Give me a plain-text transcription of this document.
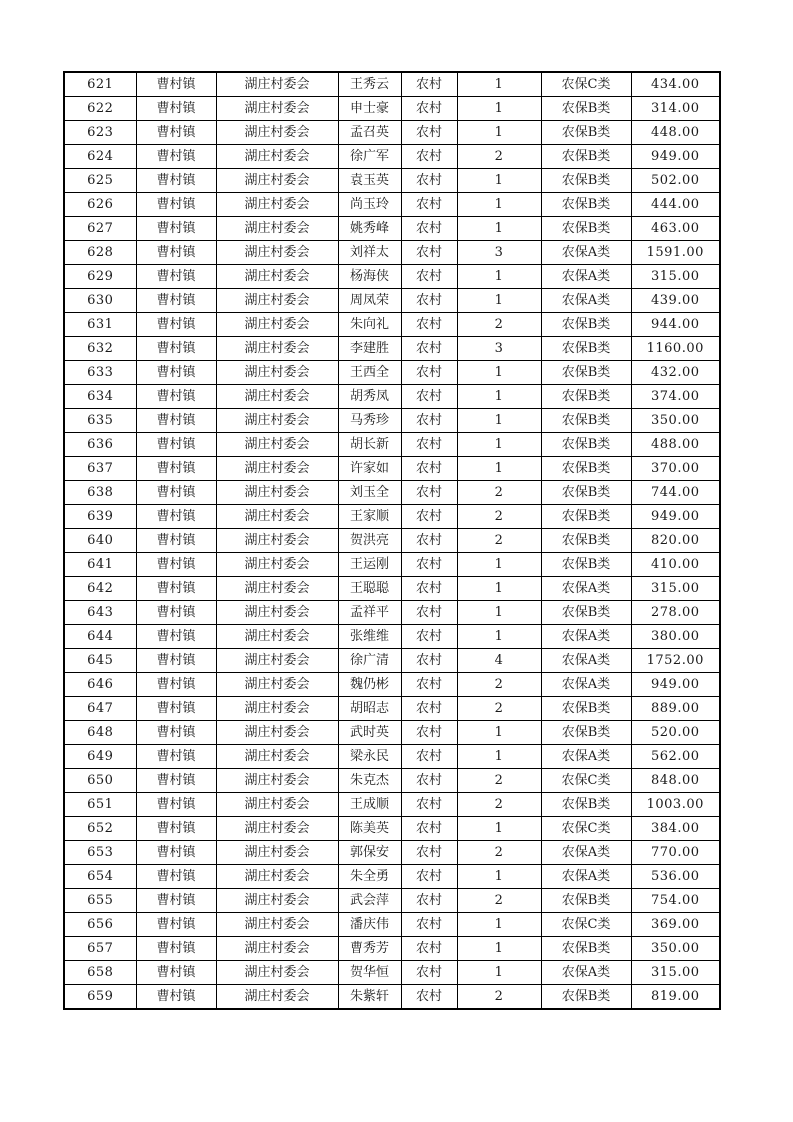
621	曹村镇	湖庄村委会	王秀云	农村	1	农保C类	434.00
622	曹村镇	湖庄村委会	申士豪	农村	1	农保B类	314.00
623	曹村镇	湖庄村委会	孟召英	农村	1	农保B类	448.00
624	曹村镇	湖庄村委会	徐广军	农村	2	农保B类	949.00
625	曹村镇	湖庄村委会	袁玉英	农村	1	农保B类	502.00
626	曹村镇	湖庄村委会	尚玉玲	农村	1	农保B类	444.00
627	曹村镇	湖庄村委会	姚秀峰	农村	1	农保B类	463.00
628	曹村镇	湖庄村委会	刘祥太	农村	3	农保A类	1591.00
629	曹村镇	湖庄村委会	杨海侠	农村	1	农保A类	315.00
630	曹村镇	湖庄村委会	周凤荣	农村	1	农保A类	439.00
631	曹村镇	湖庄村委会	朱向礼	农村	2	农保B类	944.00
632	曹村镇	湖庄村委会	李建胜	农村	3	农保B类	1160.00
633	曹村镇	湖庄村委会	王西全	农村	1	农保B类	432.00
634	曹村镇	湖庄村委会	胡秀凤	农村	1	农保B类	374.00
635	曹村镇	湖庄村委会	马秀珍	农村	1	农保B类	350.00
636	曹村镇	湖庄村委会	胡长新	农村	1	农保B类	488.00
637	曹村镇	湖庄村委会	许家如	农村	1	农保B类	370.00
638	曹村镇	湖庄村委会	刘玉全	农村	2	农保B类	744.00
639	曹村镇	湖庄村委会	王家顺	农村	2	农保B类	949.00
640	曹村镇	湖庄村委会	贺洪亮	农村	2	农保B类	820.00
641	曹村镇	湖庄村委会	王运刚	农村	1	农保B类	410.00
642	曹村镇	湖庄村委会	王聪聪	农村	1	农保A类	315.00
643	曹村镇	湖庄村委会	孟祥平	农村	1	农保B类	278.00
644	曹村镇	湖庄村委会	张维维	农村	1	农保A类	380.00
645	曹村镇	湖庄村委会	徐广清	农村	4	农保A类	1752.00
646	曹村镇	湖庄村委会	魏仍彬	农村	2	农保A类	949.00
647	曹村镇	湖庄村委会	胡昭志	农村	2	农保B类	889.00
648	曹村镇	湖庄村委会	武时英	农村	1	农保B类	520.00
649	曹村镇	湖庄村委会	梁永民	农村	1	农保A类	562.00
650	曹村镇	湖庄村委会	朱克杰	农村	2	农保C类	848.00
651	曹村镇	湖庄村委会	王成顺	农村	2	农保B类	1003.00
652	曹村镇	湖庄村委会	陈美英	农村	1	农保C类	384.00
653	曹村镇	湖庄村委会	郭保安	农村	2	农保A类	770.00
654	曹村镇	湖庄村委会	朱全勇	农村	1	农保A类	536.00
655	曹村镇	湖庄村委会	武会萍	农村	2	农保B类	754.00
656	曹村镇	湖庄村委会	潘庆伟	农村	1	农保C类	369.00
657	曹村镇	湖庄村委会	曹秀芳	农村	1	农保B类	350.00
658	曹村镇	湖庄村委会	贺华恒	农村	1	农保A类	315.00
659	曹村镇	湖庄村委会	朱紫轩	农村	2	农保B类	819.00
